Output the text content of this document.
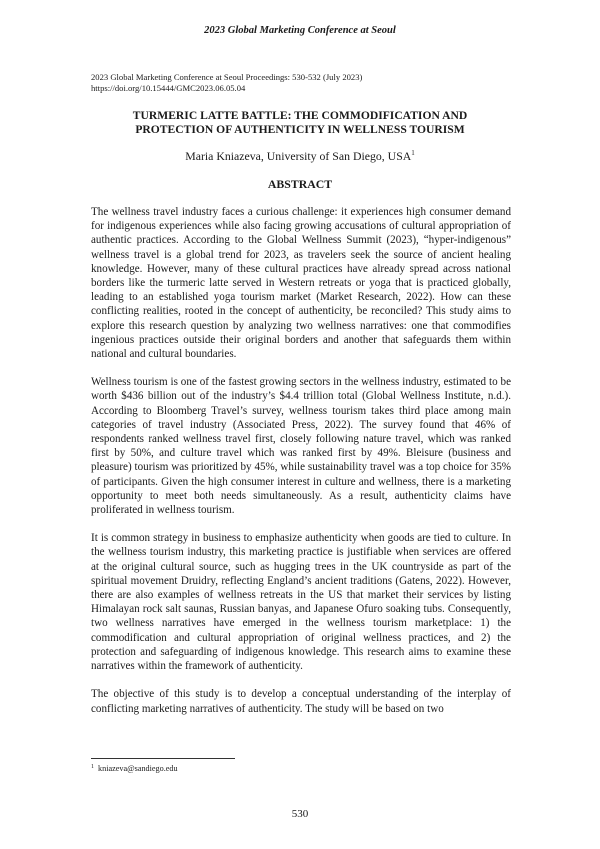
2023 Global Marketing Conference at Seoul
2023 Global Marketing Conference at Seoul Proceedings: 530-532 (July 2023)
https://doi.org/10.15444/GMC2023.06.05.04
TURMERIC LATTE BATTLE: THE COMMODIFICATION AND
PROTECTION OF AUTHENTICITY IN WELLNESS TOURISM
Maria Kniazeva, University of San Diego, USA$^1$
ABSTRACT

The wellness travel industry faces a curious challenge: it experiences high consumer demand for indigenous experiences while also facing growing accusations of cultural appropriation of authentic practices. According to the Global Wellness Summit (2023), “hyper-indigenous” wellness travel is a global trend for 2023, as travelers seek the source of ancient healing knowledge. However, many of these cultural practices have already spread across national borders like the turmeric latte served in Western retreats or yoga that is practiced globally, leading to an established yoga tourism market (Market Research, 2022). How can these conflicting realities, rooted in the concept of authenticity, be reconciled? This study aims to explore this research question by analyzing two wellness narratives: one that commodifies ingenious practices outside their original borders and another that safeguards them within national and cultural boundaries.

Wellness tourism is one of the fastest growing sectors in the wellness industry, estimated to be worth $436 billion out of the industry’s $4.4 trillion total (Global Wellness Institute, n.d.). According to Bloomberg Travel’s survey, wellness tourism takes third place among main categories of travel industry (Associated Press, 2022). The survey found that 46% of respondents ranked wellness travel first, closely following nature travel, which was ranked first by 50%, and culture travel which was ranked first by 49%. Bleisure (business and pleasure) tourism was prioritized by 45%, while sustainability travel was a top choice for 35% of participants. Given the high consumer interest in culture and wellness, there is a marketing opportunity to meet both needs simultaneously. As a result, authenticity claims have proliferated in wellness tourism.

It is common strategy in business to emphasize authenticity when goods are tied to culture. In the wellness tourism industry, this marketing practice is justifiable when services are offered at the original cultural source, such as hugging trees in the UK countryside as part of the spiritual movement Druidry, reflecting England’s ancient traditions (Gatens, 2022). However, there are also examples of wellness retreats in the US that market their services by listing Himalayan rock salt saunas, Russian banyas, and Japanese Ofuro soaking tubs. Consequently, two wellness narratives have emerged in the wellness tourism marketplace: 1) the commodification and cultural appropriation of original wellness practices, and 2) the protection and safeguarding of indigenous knowledge. This research aims to examine these narratives within the framework of authenticity.

The objective of this study is to develop a conceptual understanding of the interplay of conflicting marketing narratives of authenticity. The study will be based on two

$^1$ kniazeva@sandiego.edu
530
